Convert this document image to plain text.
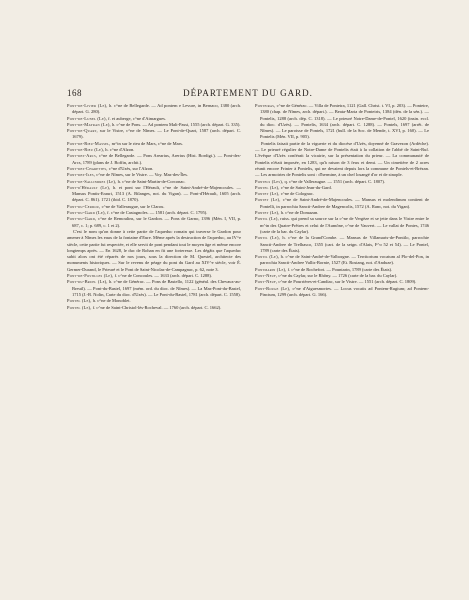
168	DÉPARTEMENT DU GARD.

Pont-de-Livier (Le), h. c^ne de Bellegarde. — Ad pontem e Levure, in Bernaco, 1380 (arch. départ. G. 280).

Pont-de-Lunel (Le), f. et auberge, c^ne d'Aimargues.

Pont-de-Mayran (Le), h. c^ne de Pons. — Ad pontem Mali-Passi, 1555 (arch. départ. G. 335).

Pont-de-Quart, sur le Vistre, c^ne de Nîmes. — Le Pont-de-Quart, 1587 (arch. départ. C. 1679).

Pont-de-Rieu-Massel, m^in sur le rieu de Mars, c^ne de Mars.

Pont-de-Rieu (Le), h. c^ne d'Alzon.

Pont-des-Arcs, c^ne de Bellegarde. — Pons Arearius, Arerius (Hist. Bordigi.). — Pont-des-Arcs, 1789 (plans de J. Boffin, archit.).

Pont-des-Charettes, c^ne d'Uzès, sur l'Alzon.

Pont-des-Iles, c^ne de Nîmes, sur le Vistre. — Voy. Mas-des-Îles.

Pont-de-Sallindres (Le), h. c^ne de Saint-Martin-de-Corconac.

Pont-d'Hérault (Le), h. et pont sur l'Hérault, c^ne de Saint-André-de-Majencoules. — Mansus Pontis-Erauri, 1513 (A. Bilanges, not. du Vigan). — Pont-d'Hérault, 1605 (arch. départ. C. 861). 1721 (ibid. C. 1870).

Pont-du-Cerdou, c^ne de Valleraugue, sur le Clarou.

Pont-du-Gard (Le), f. c^ne de Castagnoles. — 1581 (arch. départ. C. 1795).

Pont-du-Gard, c^ne de Remoulins, sur le Gardon. — Pons de Garno, 1396 (Mén. I, VII, p. 687, c. 1; p. 689, c. 1 et 2).

C'est le nom qu'on donne à cette partie de l'aqueduc romain qui traverse le Gardon pour amener à Nîmes les eaux de la fontaine d'Eure. Même après la destruction de l'aqueduc, au IV^e siècle, cette partie fut respectée, et elle servit de pont pendant tout le moyen âge et même encore longtemps après. — En 1628, le duc de Rohan en fit une forteresse. Les dégâts que l'aqueduc subit alors ont été réparés de nos jours, sous la direction de M. Questel, architecte des monuments historiques. — Sur le revenu de péage du pont du Gard au XIV^e siècle, voir É. Germer-Durand, le Prieuré et le Pont de Saint-Nicolas-de-Campagnac, p. 62, note 3.

Pont-de-Postilles (Le), f. c^ne de Concoules. — 1633 (arch. départ. C. 1288).

Pont-du-Bruel (Le), h. c^ne de Générac. — Pons de Bastello, 1122 (généal. des Chevaux-au-Breuil). — Pont-du-Bastel, 1697 (mém. ord. du dioc. de Nîmes). — La Mas-Pont-du-Bastel, 1715 (J.-B. Nolin, Carte du dioc. d'Uzès). — Le Pont-du-Bastel, 1781 (arch. départ. C. 1558).

Pontel (Le), h. c^ne de Monoblet.

Pontel (Le), f. c^ne de Saint-Christol-lès-Rocheval. — 1760 (arch. départ. C. 1662).

Ponteiras, c^ne de Générac. — Villa de Ponteira, 1121 (Gall. Christ. t. VI, p. 203). — Ponteire, 1380 (chap. de Nîmes, arch. départ.). — Beata-Maria de Ponteiris, 1384 (dén. de la sén.). — Pontelis, 1288 (arch. dép. C. 1318). — Le prieuré Notre-Dame-de-Pontel, 1620 (insin. eccl. du dioc. d'Uzès). — Pontelis, 1634 (arch. départ. C. 1288). — Pontels, 1697 (arrêt. de Nîmes). — Le paroisse de Pontels, 1721 (bull. de la Soc. de Mende, t. XVI, p. 160). — Le Pontelis (Mén. VII, p. 905).

Pontelis faisait partie de la viguerie et du diocèse d'Uzès, doyenné de Gravezon (Ardèche). — Le prieuré régulier de Notre-Dame de Pontelis était à la collation de l'abbé de Saint-Ruf. L'évêque d'Uzès conférait la vicairie, sur la présentation du prieur. — La communauté de Pontelis n'était imposée, en 1283, qu'à raison de 3 feux et demi. — Un cimetière de 2 acres réunit encore Frinier à Pontelis, qui ne devaient depuis lors la commune de Pontels-et-Brézan. — Les armoiries de Pontelis sont : d'hermine, à un chef losangé d'or et de sinople.

Pontels (Les), q. c^ne de Valleraugue. — 1551 (arch. départ. C. 1807).

Pontel (Le), c^ne de Saint-Jean-du-Gard.

Pontet (Le), c^ne de Colognac.

Pontet (Le), c^ne de Saint-André-de-Majencoules. — Mansus et molendinum contient de Pontelli, in parrochia Sancti-Andree de Magencolis, 1572 (A. Ranc, not. du Vigan).

Pontet (Le), h. c^ne de Domazan.

Pontil (Le), ruiss. qui prend sa source sur la c^ne de Vergèze et se jette dans le Vistre entre le m^in des Quatre-Prêtres et celui de l'Aumône, c^ne de Vauvert. — Le vallat de Pontes, 1746 (carte de la bar. du Caylar).

Pontil (Le), h. c^ne de la Grand'Combe. — Mansus de Villamaris-de-Pontilo, parrochie Sancti-Andree de Trelhasco, 1355 (cart. de la seign. d'Alais, F^o 52 et 54). — Le Pontel, 1789 (carte des États).

Pontil (Le), h. c^ne de Saint-André-de-Valborgne. — Territorium vocatum al Plo-del-Pon, in parrochia Sancti-Andree Vallis-Bornie, 1527 (Et. Rostang, not. d'Anduze).

Pontmarin (Le), f. c^ne de Rochefort. — Pountarin, 1789 (carte des États).

Pont-Neuf, c^ne du Caylar, sur le Rhôny. — 1726 (carte de la bar. du Caylar).

Pont-Neuf, c^ne de Pourrières-et-Candiac, sur le Vistre. — 1551 (arch. départ. C. 1809).

Pont-Rouge (Le), c^ne d'Aiguesmortes. — Locus vocatis ad Pontem-Rugium; ad Pontem-Pinctum, 1299 (arch. départ. G. 166).
